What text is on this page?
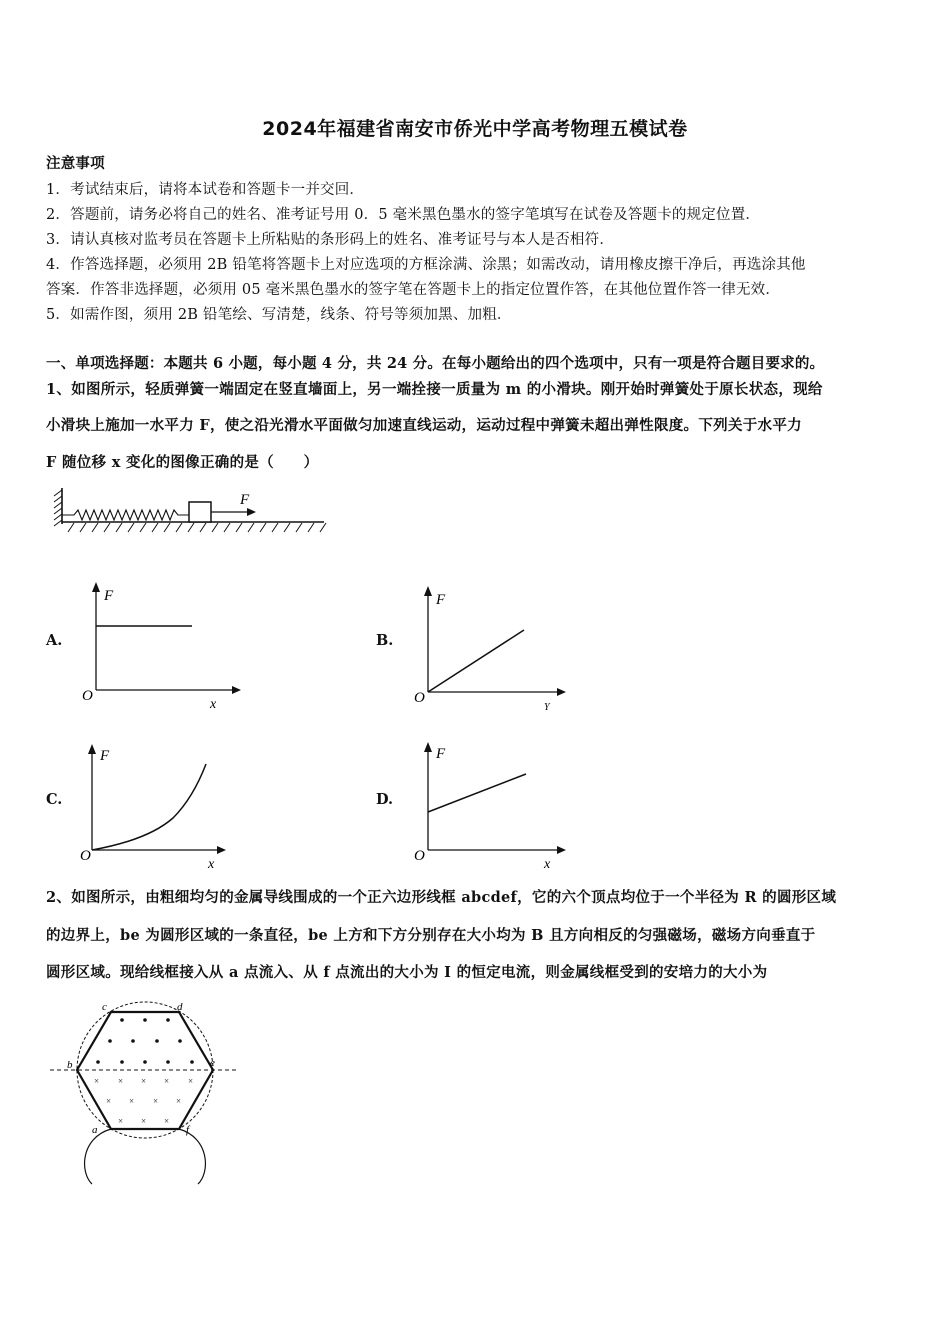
2024年福建省南安市侨光中学高考物理五模试卷
注意事项
1．考试结束后，请将本试卷和答题卡一并交回．
2．答题前，请务必将自己的姓名、准考证号用 0．5 毫米黑色墨水的签字笔填写在试卷及答题卡的规定位置．
3．请认真核对监考员在答题卡上所粘贴的条形码上的姓名、准考证号与本人是否相符．
4．作答选择题，必须用 2B 铅笔将答题卡上对应选项的方框涂满、涂黑；如需改动，请用橡皮擦干净后，再选涂其他
答案．作答非选择题，必须用 05 毫米黑色墨水的签字笔在答题卡上的指定位置作答，在其他位置作答一律无效．
5．如需作图，须用 2B 铅笔绘、写清楚，线条、符号等须加黑、加粗．
一、单项选择题：本题共 6 小题，每小题 4 分，共 24 分。在每小题给出的四个选项中，只有一项是符合题目要求的。
1、如图所示，轻质弹簧一端固定在竖直墙面上，另一端拴接一质量为 m 的小滑块。刚开始时弹簧处于原长状态，现给
小滑块上施加一水平力 F，使之沿光滑水平面做匀加速直线运动，运动过程中弹簧未超出弹性限度。下列关于水平力
F 随位移 x 变化的图像正确的是（　　）
F
A.
F
O
x
B.
F
O
Y
C.
F
O
x
D.
F
O
x
2、如图所示，由粗细均匀的金属导线围成的一个正六边形线框 abcdef，它的六个顶点均位于一个半径为 R 的圆形区域
的边界上，be 为圆形区域的一条直径，be 上方和下方分别存在大小均为 B 且方向相反的匀强磁场，磁场方向垂直于
圆形区域。现给线框接入从 a 点流入、从 f 点流出的大小为 I 的恒定电流，则金属线框受到的安培力的大小为
× × × × ×
× × × ×
× × ×
c	d
b	e
a	f
